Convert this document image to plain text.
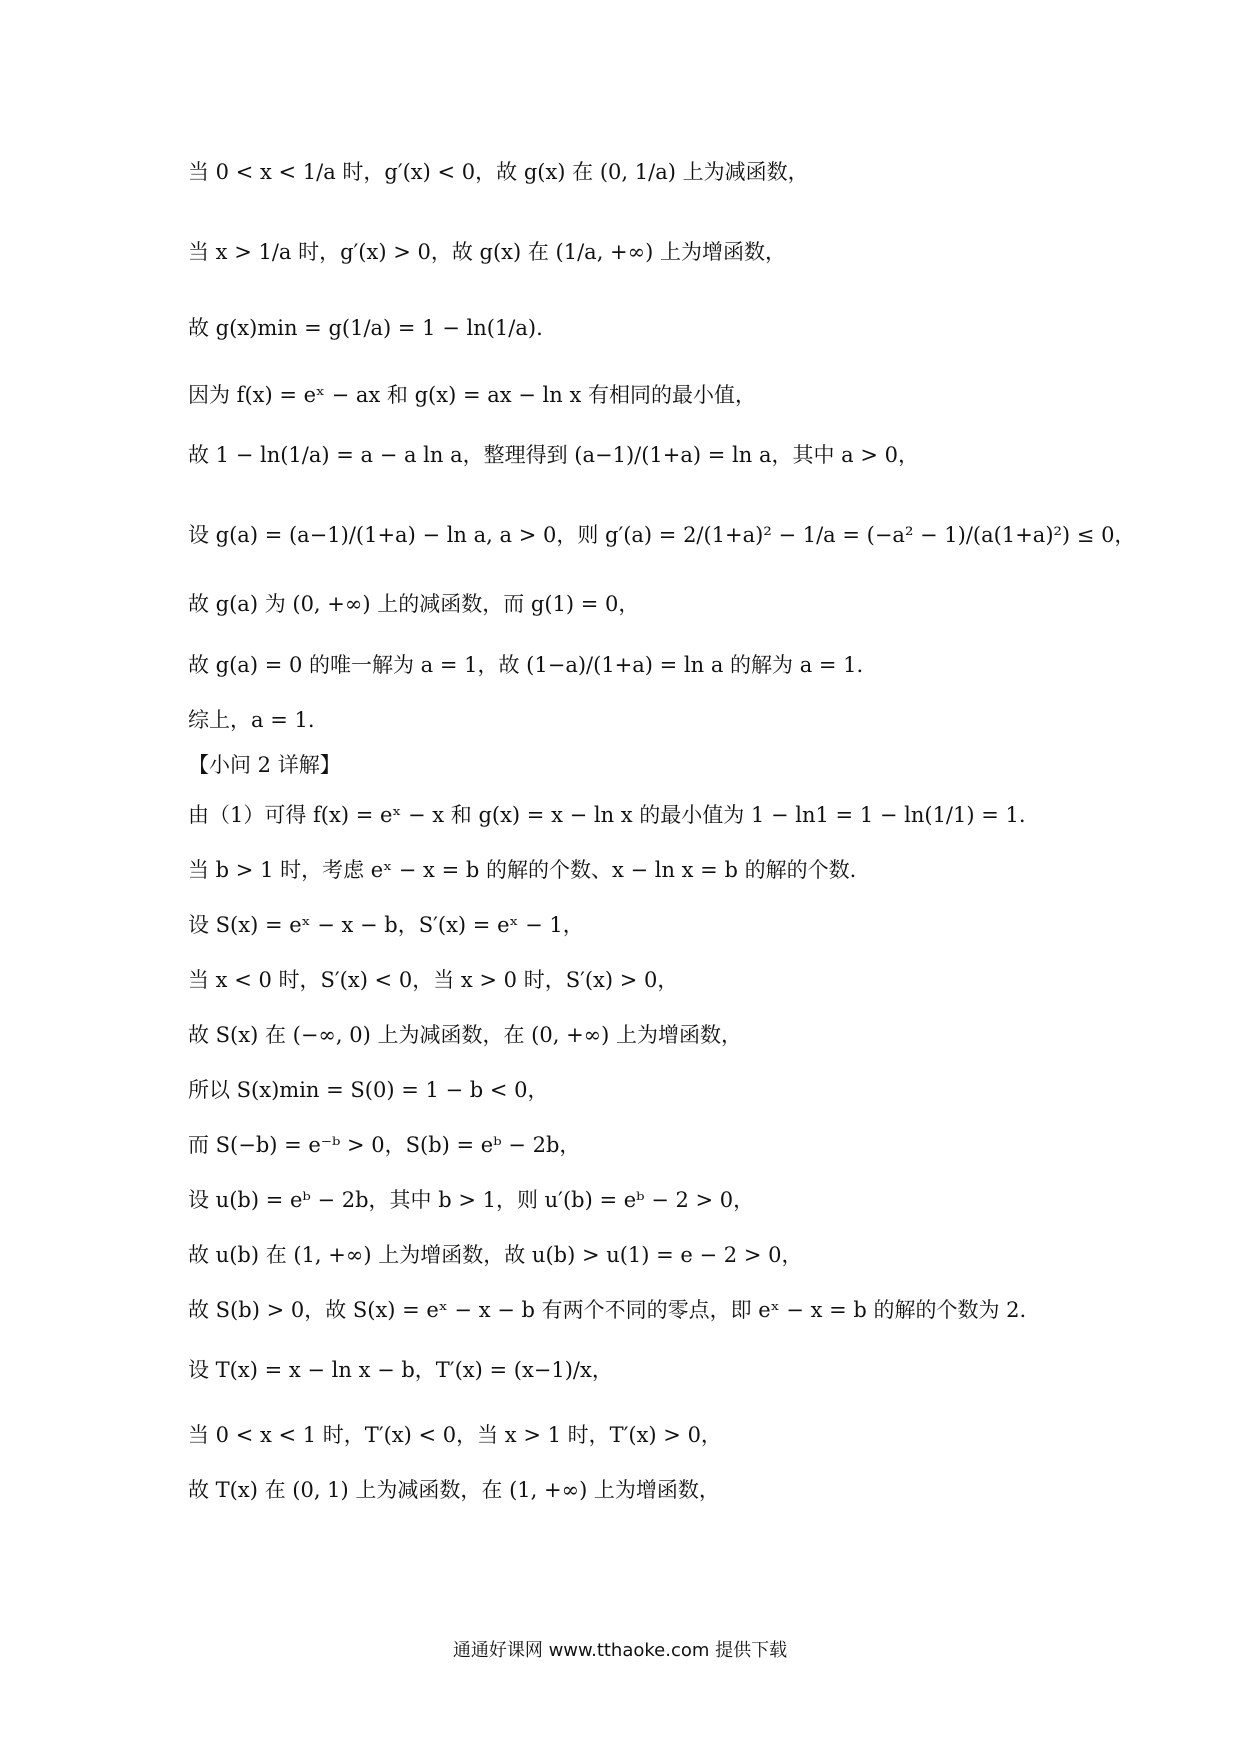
当 0 < x < 1/a 时，g′(x) < 0，故 g(x) 在 (0, 1/a) 上为减函数，
当 x > 1/a 时，g′(x) > 0，故 g(x) 在 (1/a, +∞) 上为增函数，
故 g(x)min = g(1/a) = 1 − ln(1/a).
因为 f(x) = eˣ − ax 和 g(x) = ax − ln x 有相同的最小值，
故 1 − ln(1/a) = a − a ln a，整理得到 (a−1)/(1+a) = ln a，其中 a > 0，
设 g(a) = (a−1)/(1+a) − ln a, a > 0，则 g′(a) = 2/(1+a)² − 1/a = (−a² − 1)/(a(1+a)²) ≤ 0，
故 g(a) 为 (0, +∞) 上的减函数，而 g(1) = 0，
故 g(a) = 0 的唯一解为 a = 1，故 (1−a)/(1+a) = ln a 的解为 a = 1.
综上，a = 1.
【小问 2 详解】
由（1）可得 f(x) = eˣ − x 和 g(x) = x − ln x 的最小值为 1 − ln1 = 1 − ln(1/1) = 1.
当 b > 1 时，考虑 eˣ − x = b 的解的个数、x − ln x = b 的解的个数.
设 S(x) = eˣ − x − b，S′(x) = eˣ − 1，
当 x < 0 时，S′(x) < 0，当 x > 0 时，S′(x) > 0，
故 S(x) 在 (−∞, 0) 上为减函数，在 (0, +∞) 上为增函数，
所以 S(x)min = S(0) = 1 − b < 0，
而 S(−b) = e⁻ᵇ > 0，S(b) = eᵇ − 2b，
设 u(b) = eᵇ − 2b，其中 b > 1，则 u′(b) = eᵇ − 2 > 0，
故 u(b) 在 (1, +∞) 上为增函数，故 u(b) > u(1) = e − 2 > 0，
故 S(b) > 0，故 S(x) = eˣ − x − b 有两个不同的零点，即 eˣ − x = b 的解的个数为 2.
设 T(x) = x − ln x − b，T′(x) = (x−1)/x，
当 0 < x < 1 时，T′(x) < 0，当 x > 1 时，T′(x) > 0，
故 T(x) 在 (0, 1) 上为减函数，在 (1, +∞) 上为增函数，
通通好课网 www.tthaoke.com 提供下载
